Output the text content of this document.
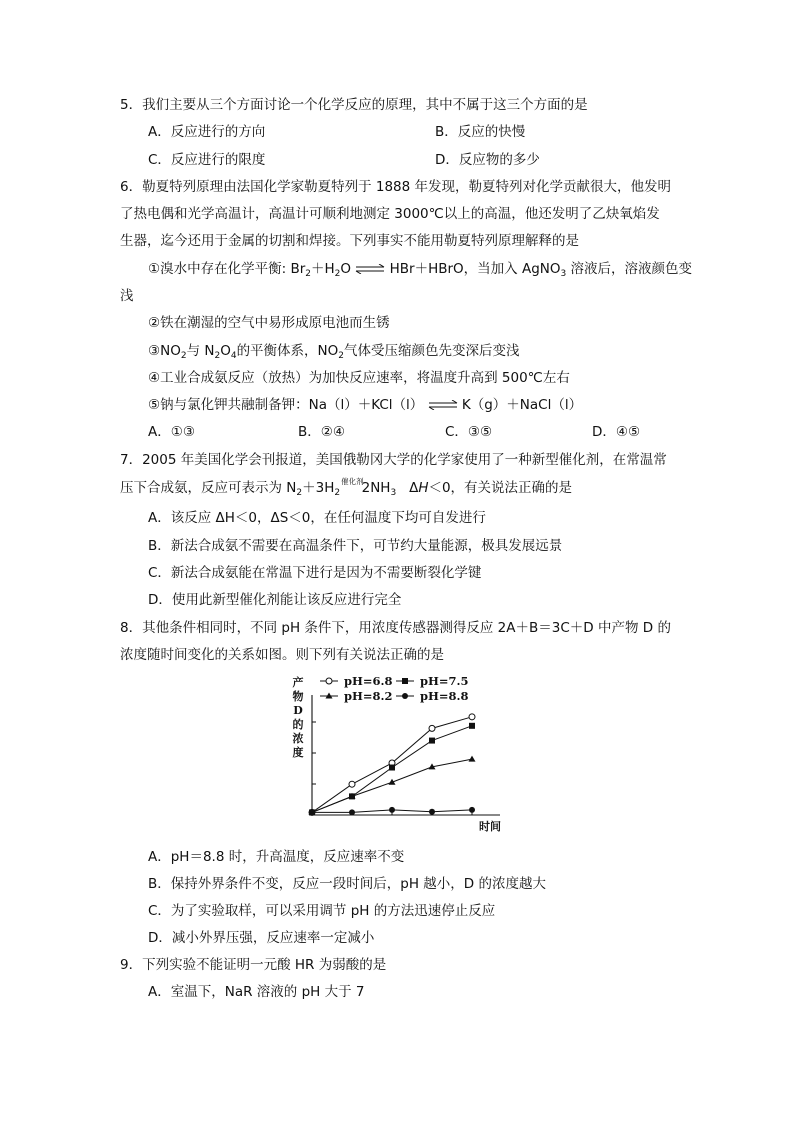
5．我们主要从三个方面讨论一个化学反应的原理，其中不属于这三个方面的是
A．反应进行的方向	B．反应的快慢
C．反应进行的限度	D．反应物的多少
6．勒夏特列原理由法国化学家勒夏特列于 1888 年发现，勒夏特列对化学贡献很大，他发明
了热电偶和光学高温计，高温计可顺利地测定 3000℃以上的高温，他还发明了乙炔氧焰发
生器，迄今还用于金属的切割和焊接。下列事实不能用勒夏特列原理解释的是
①溴水中存在化学平衡: $Br_2+H_2O$ ⇌ HBr＋HBrO，当加入 AgNO$_3$ 溶液后，溶液颜色变
浅
②铁在潮湿的空气中易形成原电池而生锈
$③NO_2$与 $N_2O_4$的平衡体系，$NO_2$气体受压缩颜色先变深后变浅
④工业合成氨反应（放热）为加快反应速率，将温度升高到 500℃左右
⑤钠与氯化钾共融制备钾：Na（l）＋KCl（l） ⇌ K（g）＋NaCl（l）
A．①③	B．②④	C．③⑤	D．④⑤
7．2005 年美国化学会刊报道，美国俄勒冈大学的化学家使用了一种新型催化剂，在常温常
压下合成氨，反应可表示为 $N_2+3H_2^{催化剂}2NH_3$ ΔH＜0，有关说法正确的是
A．该反应 ΔH＜0，ΔS＜0，在任何温度下均可自发进行
B．新法合成氨不需要在高温条件下，可节约大量能源，极具发展远景
C．新法合成氨能在常温下进行是因为不需要断裂化学键
D．使用此新型催化剂能让该反应进行完全
8．其他条件相同时，不同 pH 条件下，用浓度传感器测得反应 2A＋B＝3C＋D 中产物 D 的
浓度随时间变化的关系如图。则下列有关说法正确的是
产
物
D
的
浓
度
时间
pH=6.8 pH=7.5
pH=8.2 pH=8.8
A．pH＝8.8 时，升高温度，反应速率不变
B．保持外界条件不变，反应一段时间后，pH 越小，D 的浓度越大
C．为了实验取样，可以采用调节 pH 的方法迅速停止反应
D．减小外界压强，反应速率一定减小
9．下列实验不能证明一元酸 HR 为弱酸的是
A．室温下，NaR 溶液的 pH 大于 7
